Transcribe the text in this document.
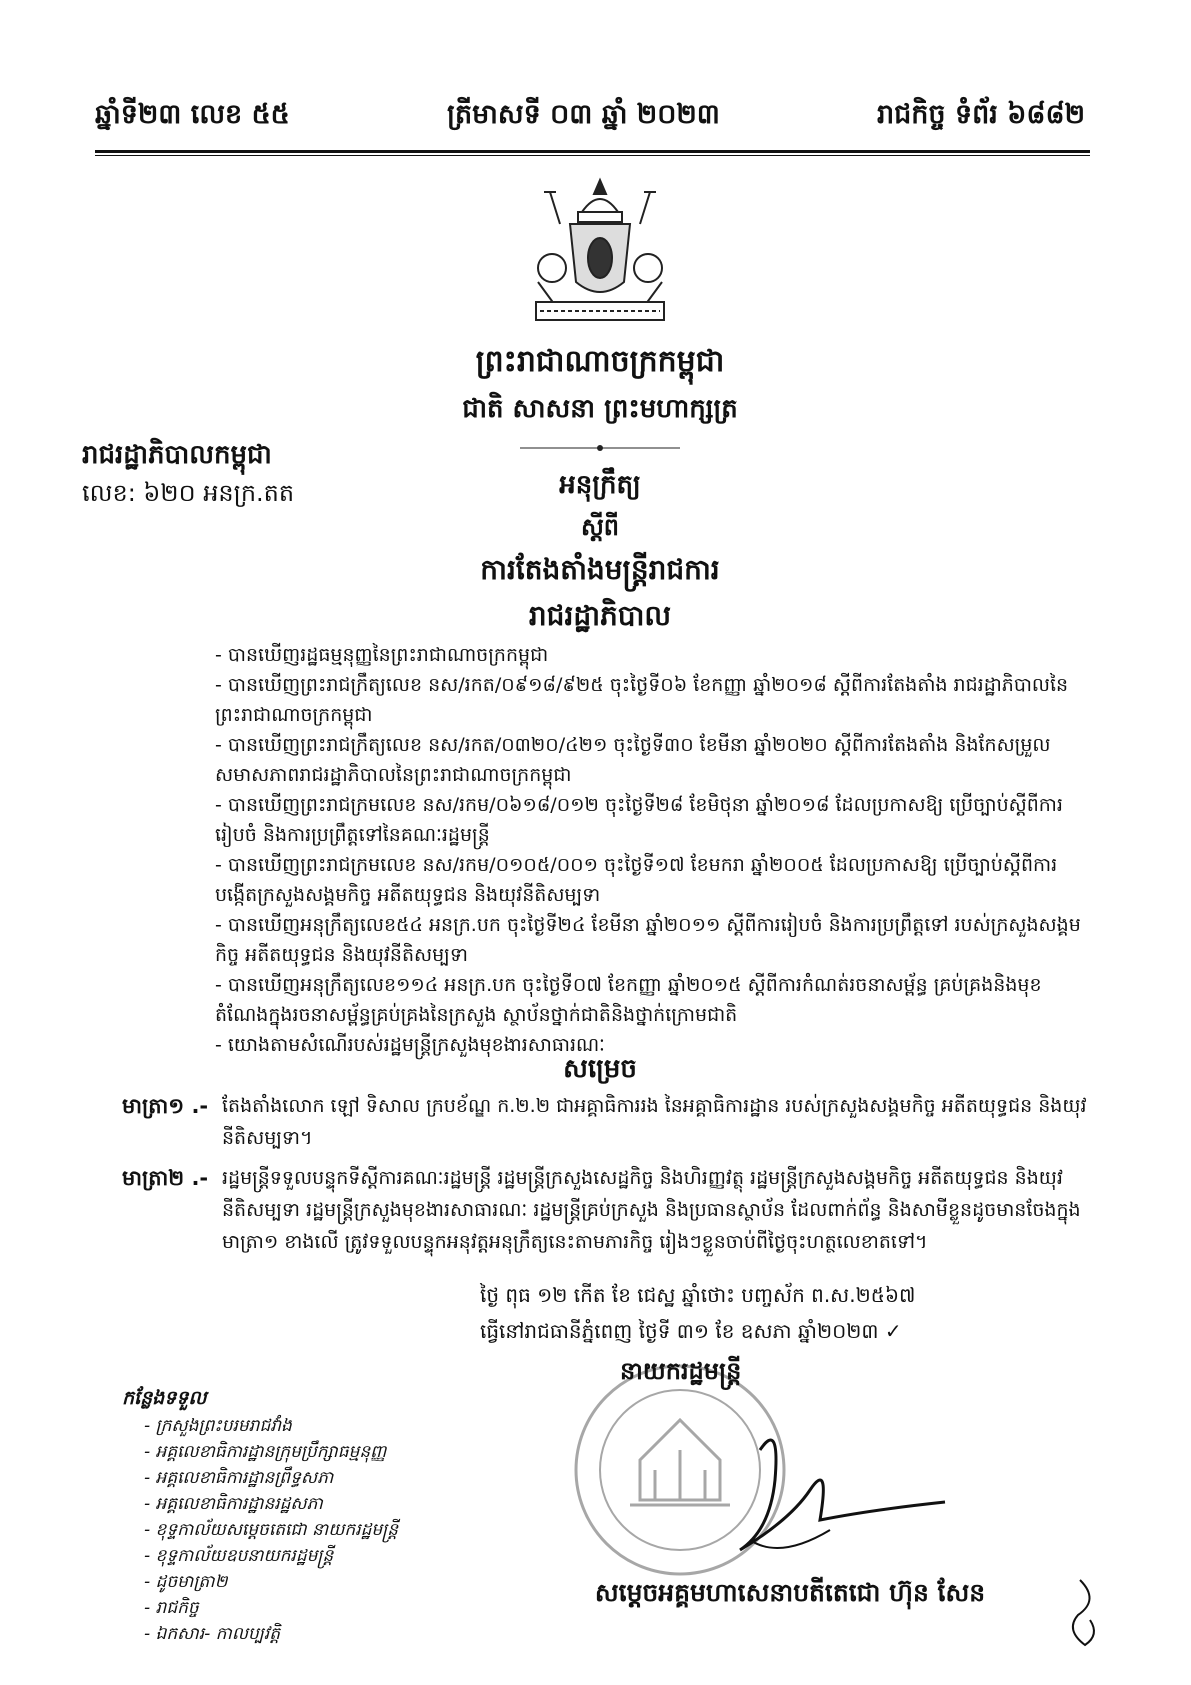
ឆ្នាំទី២៣ លេខ ៥៥	ត្រីមាសទី ០៣ ឆ្នាំ ២០២៣	រាជកិច្ច ទំព័រ ៦៨៨២
ព្រះរាជាណាចក្រកម្ពុជា
ជាតិ សាសនា ព្រះមហាក្សត្រ
រាជរដ្ឋាភិបាលកម្ពុជា
លេខ: ៦២០ អនក្រ.តត	អនុក្រឹត្យ
ស្ដីពី
ការតែងតាំងមន្ត្រីរាជការ
រាជរដ្ឋាភិបាល

- បានឃើញរដ្ឋធម្មនុញ្ញនៃព្រះរាជាណាចក្រកម្ពុជា

- បានឃើញព្រះរាជក្រឹត្យលេខ នស/រកត/០៩១៨/៩២៥ ចុះថ្ងៃទី០៦ ខែកញ្ញា ឆ្នាំ២០១៨ ស្ដីពីការតែងតាំង រាជរដ្ឋាភិបាលនៃព្រះរាជាណាចក្រកម្ពុជា

- បានឃើញព្រះរាជក្រឹត្យលេខ នស/រកត/០៣២០/៤២១ ចុះថ្ងៃទី៣០ ខែមីនា ឆ្នាំ២០២០ ស្ដីពីការតែងតាំង និងកែសម្រួលសមាសភាពរាជរដ្ឋាភិបាលនៃព្រះរាជាណាចក្រកម្ពុជា

- បានឃើញព្រះរាជក្រមលេខ នស/រកម/០៦១៨/០១២ ចុះថ្ងៃទី២៨ ខែមិថុនា ឆ្នាំ២០១៨ ដែលប្រកាសឱ្យ ប្រើច្បាប់ស្ដីពីការរៀបចំ និងការប្រព្រឹត្តទៅនៃគណៈរដ្ឋមន្ត្រី

- បានឃើញព្រះរាជក្រមលេខ នស/រកម/០១០៥/០០១ ចុះថ្ងៃទី១៧ ខែមករា ឆ្នាំ២០០៥ ដែលប្រកាសឱ្យ ប្រើច្បាប់ស្ដីពីការបង្កើតក្រសួងសង្គមកិច្ច អតីតយុទ្ធជន និងយុវនីតិសម្បទា

- បានឃើញអនុក្រឹត្យលេខ៥៤ អនក្រ.បក ចុះថ្ងៃទី២៤ ខែមីនា ឆ្នាំ២០១១ ស្ដីពីការរៀបចំ និងការប្រព្រឹត្តទៅ របស់ក្រសួងសង្គមកិច្ច អតីតយុទ្ធជន និងយុវនីតិសម្បទា

- បានឃើញអនុក្រឹត្យលេខ១១៤ អនក្រ.បក ចុះថ្ងៃទី០៧ ខែកញ្ញា ឆ្នាំ២០១៥ ស្ដីពីការកំណត់រចនាសម្ព័ន្ធ គ្រប់គ្រងនិងមុខតំណែងក្នុងរចនាសម្ព័ន្ធគ្រប់គ្រងនៃក្រសួង ស្ថាប័នថ្នាក់ជាតិនិងថ្នាក់ក្រោមជាតិ

- យោងតាមសំណើរបស់រដ្ឋមន្ត្រីក្រសួងមុខងារសាធារណៈ

សម្រេច
មាត្រា១ .- តែងតាំងលោក ឡៅ ទិសាល ក្របខ័ណ្ឌ ក.២.២ ជាអគ្គាធិការរង នៃអគ្គាធិការដ្ឋាន របស់ក្រសួងសង្គមកិច្ច អតីតយុទ្ធជន និងយុវនីតិសម្បទា។
មាត្រា២ .- រដ្ឋមន្ត្រីទទួលបន្ទុកទីស្ដីការគណៈរដ្ឋមន្ត្រី រដ្ឋមន្ត្រីក្រសួងសេដ្ឋកិច្ច និងហិរញ្ញវត្ថុ រដ្ឋមន្ត្រីក្រសួងសង្គមកិច្ច អតីតយុទ្ធជន និងយុវនីតិសម្បទា រដ្ឋមន្ត្រីក្រសួងមុខងារសាធារណៈ រដ្ឋមន្ត្រីគ្រប់ក្រសួង និងប្រធានស្ថាប័ន ដែលពាក់ព័ន្ធ និងសាមីខ្លួនដូចមានចែងក្នុងមាត្រា១ ខាងលើ ត្រូវទទួលបន្ទុកអនុវត្តអនុក្រឹត្យនេះតាមភារកិច្ច រៀងៗខ្លួនចាប់ពីថ្ងៃចុះហត្ថលេខាតទៅ។
ថ្ងៃ ពុធ ១២ កើត ខែ ជេស្ឋ ឆ្នាំថោះ បញ្ចស័ក ព.ស.២៥៦៧
ធ្វើនៅរាជធានីភ្នំពេញ ថ្ងៃទី ៣១ ខែ ឧសភា ឆ្នាំ២០២៣ ✓
នាយករដ្ឋមន្ត្រី
សម្ដេចអគ្គមហាសេនាបតីតេជោ ហ៊ុន សែន
កន្លែងទទួល
- ក្រសួងព្រះបរមរាជវាំង
- អគ្គលេខាធិការដ្ឋានក្រុមប្រឹក្សាធម្មនុញ្ញ
- អគ្គលេខាធិការដ្ឋានព្រឹទ្ធសភា
- អគ្គលេខាធិការដ្ឋានរដ្ឋសភា
- ខុទ្ទកាល័យសម្ដេចតេជោ នាយករដ្ឋមន្ត្រី
- ខុទ្ទកាល័យឧបនាយករដ្ឋមន្ត្រី
- ដូចមាត្រា២
- រាជកិច្ច
- ឯកសារ- កាលប្បវត្តិ
